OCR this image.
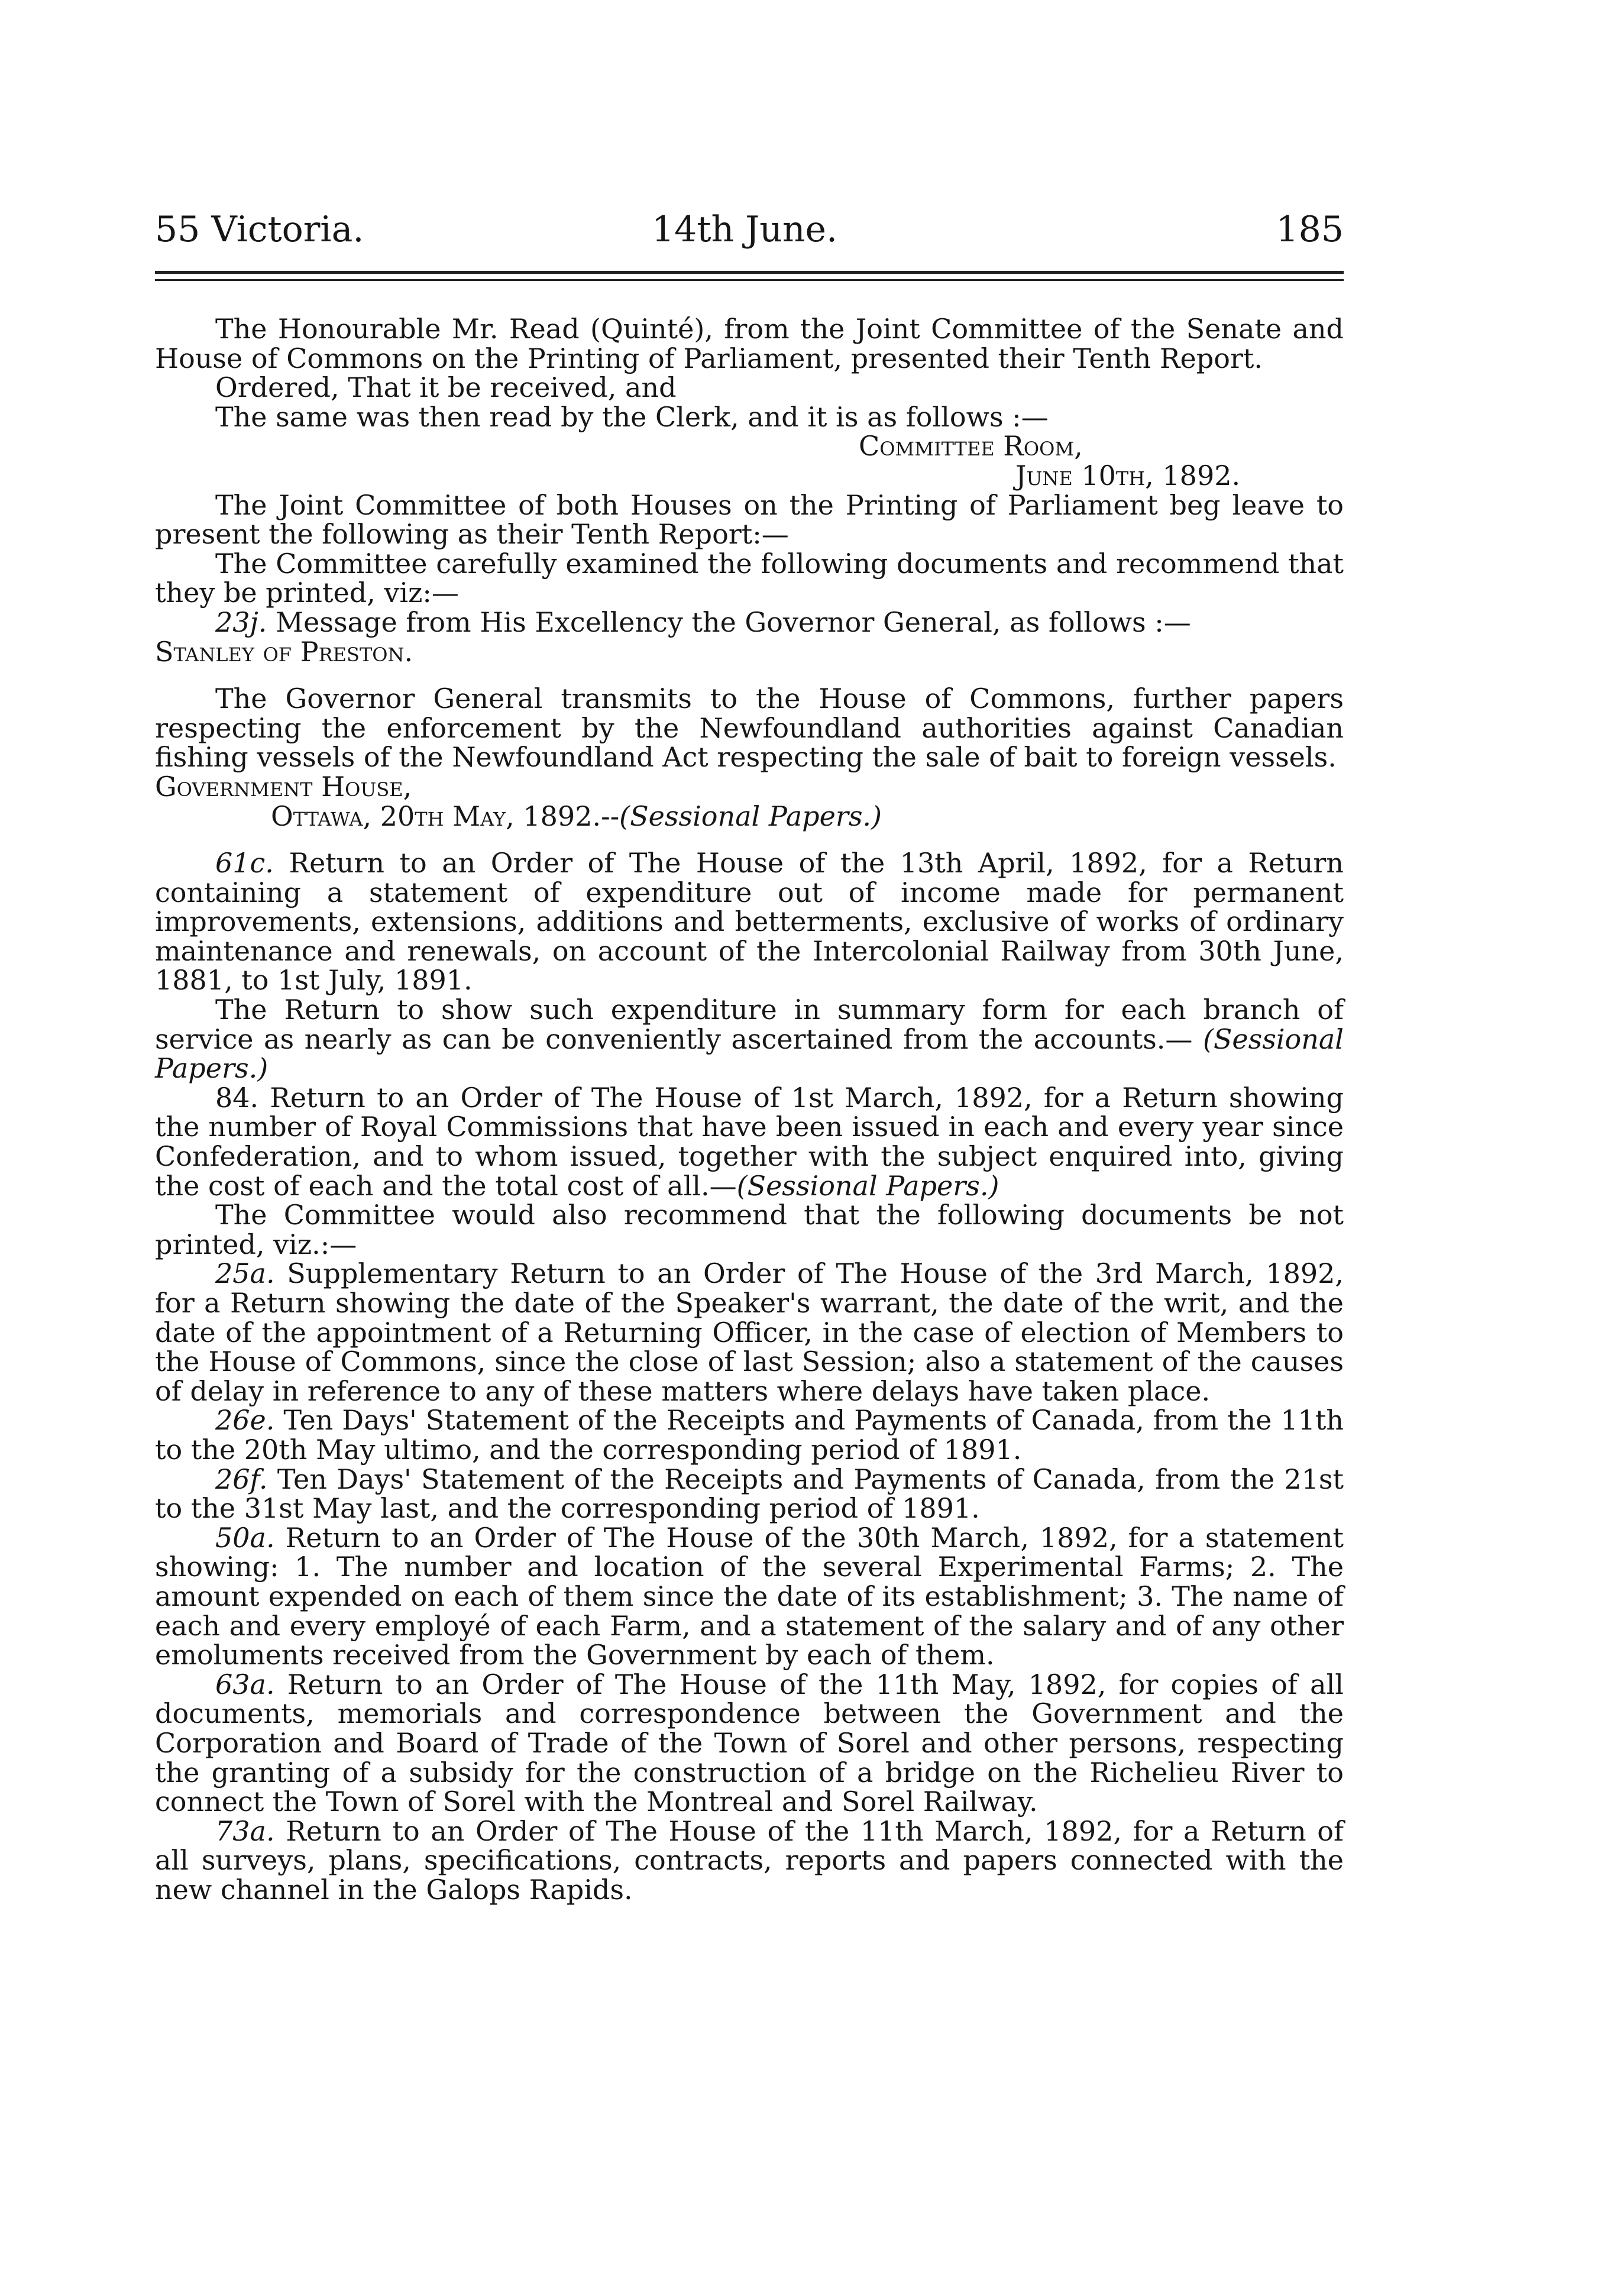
55 Victoria.	14th June.	185

The Honourable Mr. Read (Quinté), from the Joint Committee of the Senate and House of Commons on the Printing of Parliament, presented their Tenth Report.

Ordered, That it be received, and

The same was then read by the Clerk, and it is as follows :—

Committee Room,

June 10th, 1892.

The Joint Committee of both Houses on the Printing of Parliament beg leave to present the following as their Tenth Report:—

The Committee carefully examined the following documents and recommend that they be printed, viz:—

23j. Message from His Excellency the Governor General, as follows :—

Stanley of Preston.

The Governor General transmits to the House of Commons, further papers respecting the enforcement by the Newfoundland authorities against Canadian fishing vessels of the Newfoundland Act respecting the sale of bait to foreign vessels.

Government House,

Ottawa, 20th May, 1892.--(Sessional Papers.)

61c. Return to an Order of The House of the 13th April, 1892, for a Return containing a statement of expenditure out of income made for permanent improvements, extensions, additions and betterments, exclusive of works of ordinary maintenance and renewals, on account of the Intercolonial Railway from 30th June, 1881, to 1st July, 1891.

The Return to show such expenditure in summary form for each branch of service as nearly as can be conveniently ascertained from the accounts.— (Sessional Papers.)

84. Return to an Order of The House of 1st March, 1892, for a Return showing the number of Royal Commissions that have been issued in each and every year since Confederation, and to whom issued, together with the subject enquired into, giving the cost of each and the total cost of all.—(Sessional Papers.)

The Committee would also recommend that the following documents be not printed, viz.:—

25a. Supplementary Return to an Order of The House of the 3rd March, 1892, for a Return showing the date of the Speaker's warrant, the date of the writ, and the date of the appointment of a Returning Officer, in the case of election of Members to the House of Commons, since the close of last Session; also a statement of the causes of delay in reference to any of these matters where delays have taken place.

26e. Ten Days' Statement of the Receipts and Payments of Canada, from the 11th to the 20th May ultimo, and the corresponding period of 1891.

26f. Ten Days' Statement of the Receipts and Payments of Canada, from the 21st to the 31st May last, and the corresponding period of 1891.

50a. Return to an Order of The House of the 30th March, 1892, for a statement showing: 1. The number and location of the several Experimental Farms; 2. The amount expended on each of them since the date of its establishment; 3. The name of each and every employé of each Farm, and a statement of the salary and of any other emoluments received from the Government by each of them.

63a. Return to an Order of The House of the 11th May, 1892, for copies of all documents, memorials and correspondence between the Government and the Corporation and Board of Trade of the Town of Sorel and other persons, respecting the granting of a subsidy for the construction of a bridge on the Richelieu River to connect the Town of Sorel with the Montreal and Sorel Railway.

73a. Return to an Order of The House of the 11th March, 1892, for a Return of all surveys, plans, specifications, contracts, reports and papers connected with the new channel in the Galops Rapids.
